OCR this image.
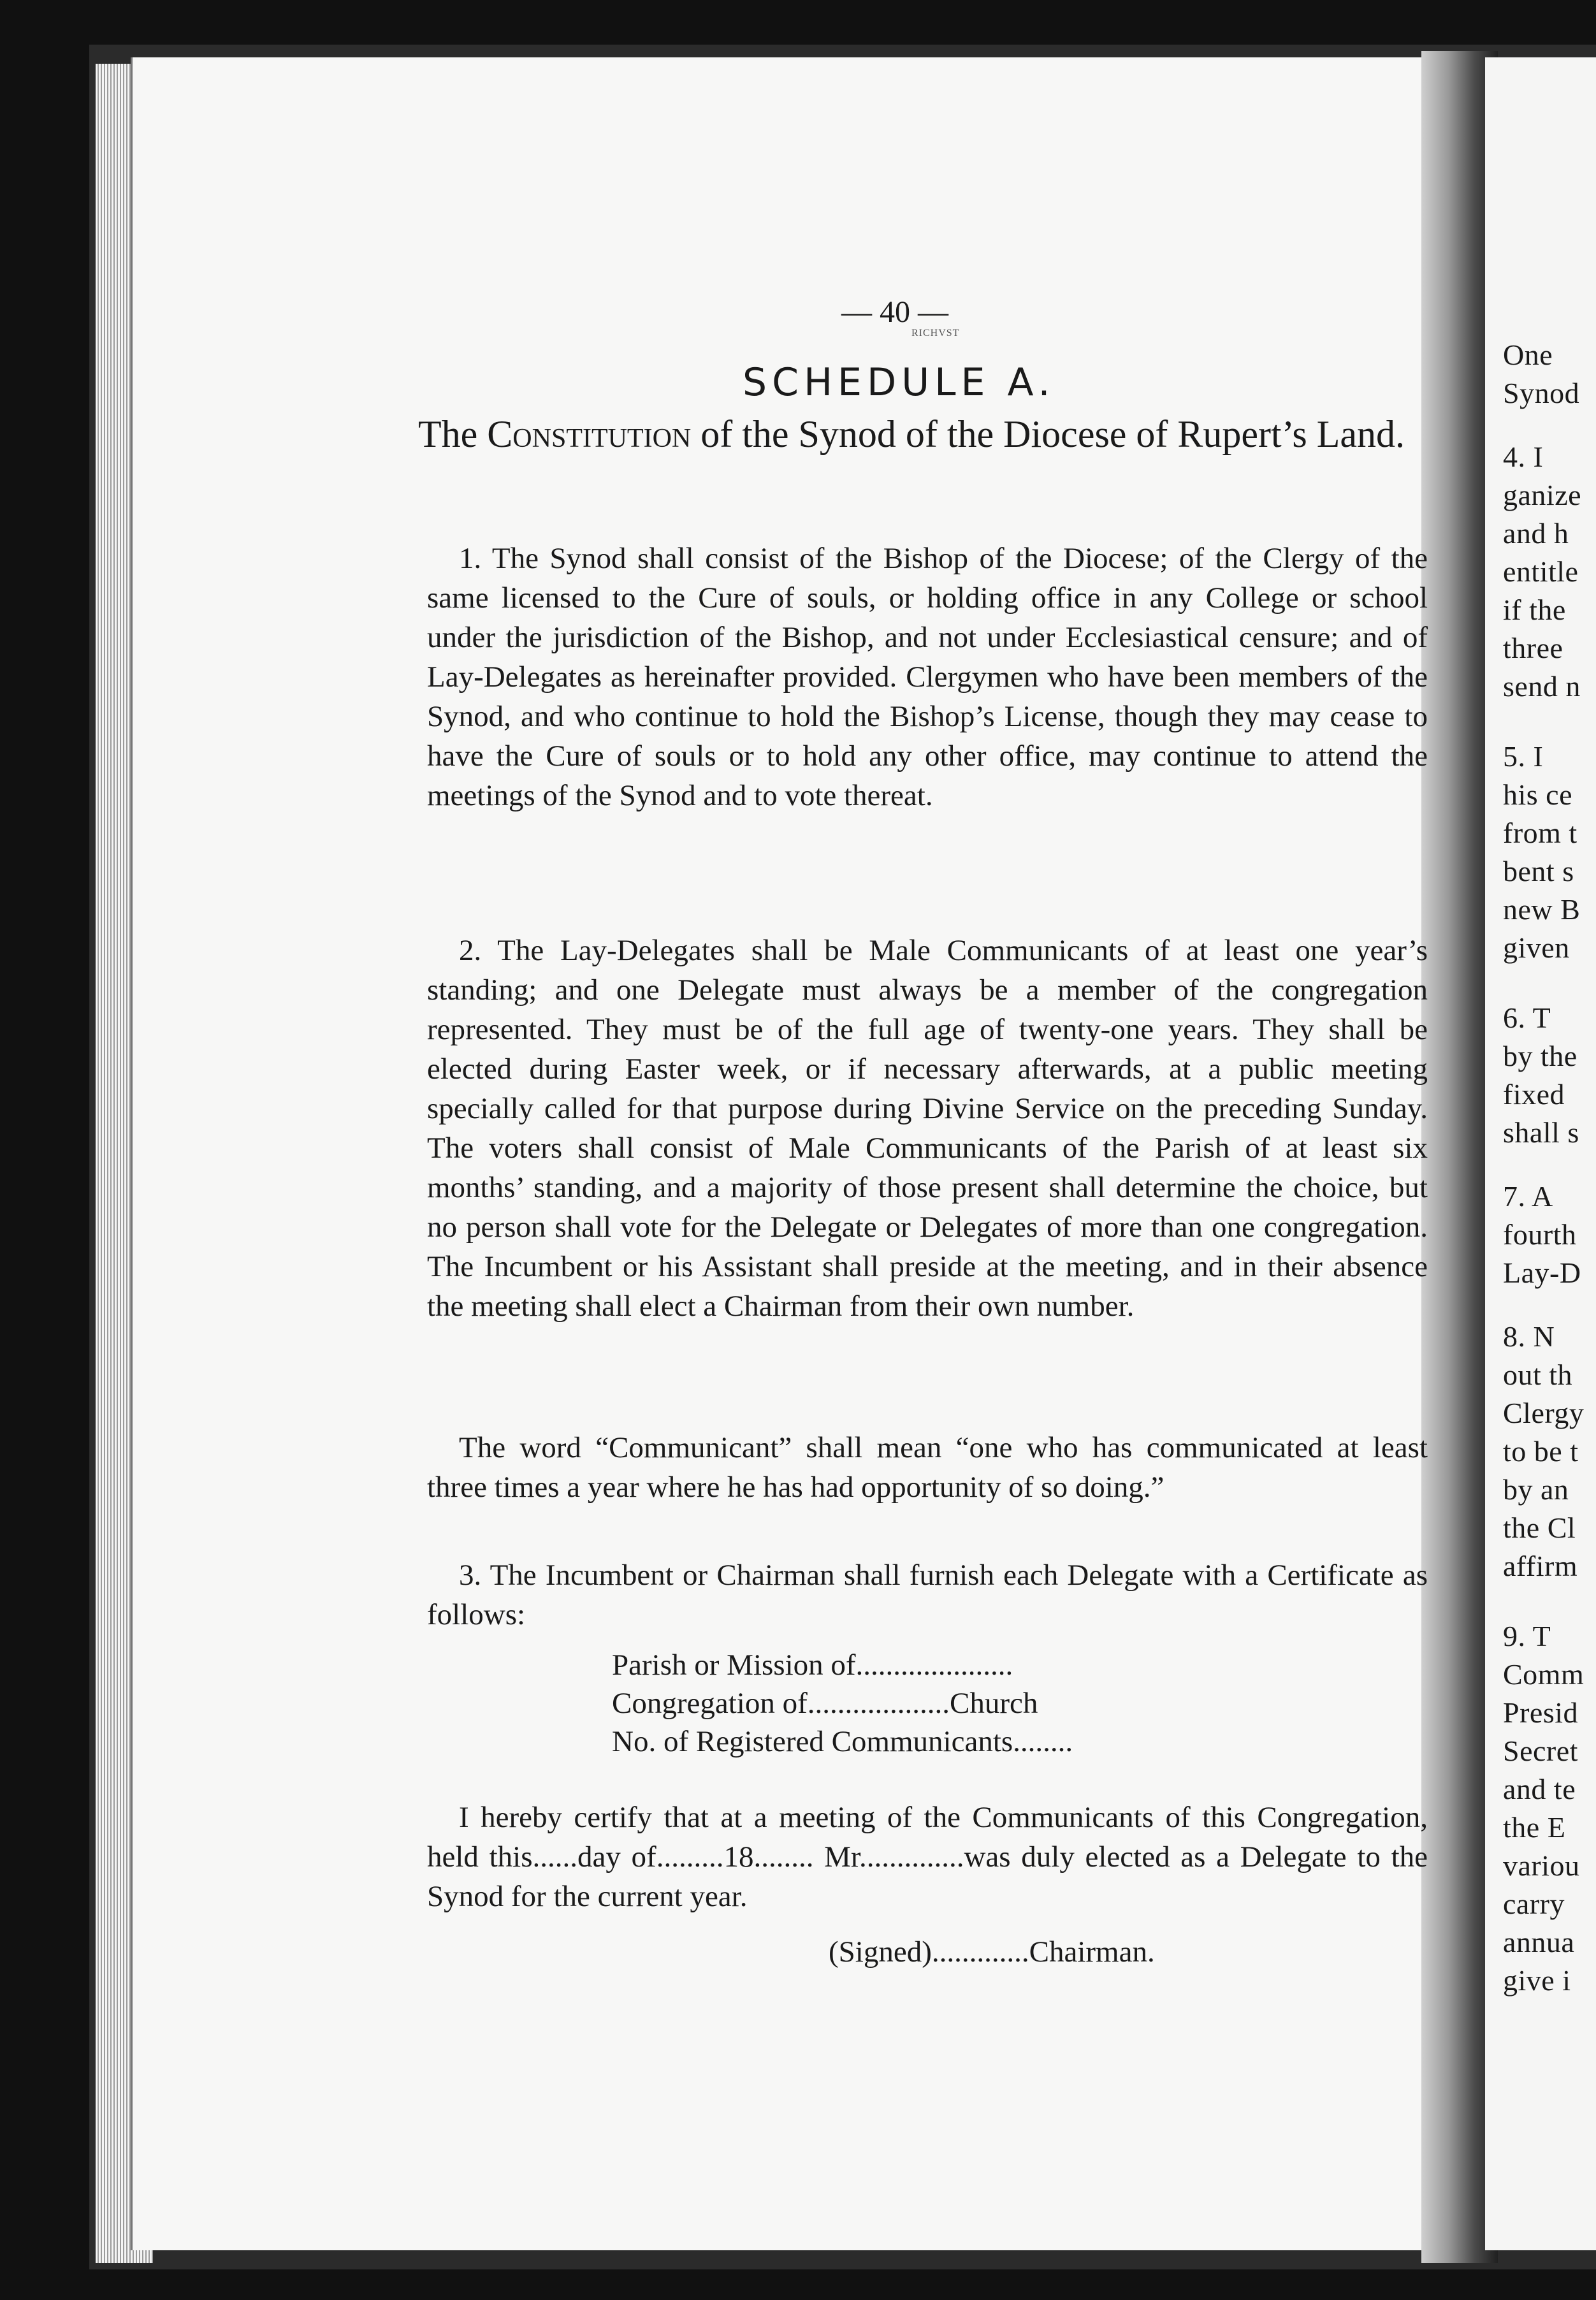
One
Synod
4. I
ganize
and h
entitle
if the
three
send n
5. I
his ce
from t
bent s
new B
given
6. T
by the
fixed
shall s
7. A
fourth
Lay-D
8. N
out th
Clergy
to be t
by an
the Cl
affirm
9. T
Comm
Presid
Secret
and te
the E
variou
carry
annua
give i
— 40 —
RICHVST
SCHEDULE A.
The Constitution of the Synod of the Diocese of Rupert’s Land.
1. The Synod shall consist of the Bishop of the Diocese; of the Clergy of the same licensed to the Cure of souls, or holding office in any College or school under the jurisdiction of the Bishop, and not under Ecclesiastical censure; and of Lay-Delegates as hereinafter provided. Clergymen who have been members of the Synod, and who continue to hold the Bishop’s License, though they may cease to have the Cure of souls or to hold any other office, may continue to attend the meetings of the Synod and to vote thereat.
2. The Lay-Delegates shall be Male Communicants of at least one year’s standing; and one Delegate must always be a member of the congregation represented. They must be of the full age of twenty-one years. They shall be elected during Easter week, or if necessary afterwards, at a public meeting specially called for that purpose during Divine Service on the preceding Sunday. The voters shall consist of Male Communicants of the Parish of at least six months’ standing, and a majority of those present shall determine the choice, but no person shall vote for the Delegate or Delegates of more than one congregation. The Incumbent or his Assistant shall preside at the meeting, and in their absence the meeting shall elect a Chairman from their own number.
The word “Communicant” shall mean “one who has communicated at least three times a year where he has had opportunity of so doing.”
3. The Incumbent or Chairman shall furnish each Delegate with a Certificate as follows:
Parish or Mission of.....................
Congregation of...................Church
No. of Registered Communicants........
I hereby certify that at a meeting of the Communicants of this Congregation, held this......day of.........18........ Mr..............was duly elected as a Delegate to the Synod for the current year.
(Signed).............Chairman.
